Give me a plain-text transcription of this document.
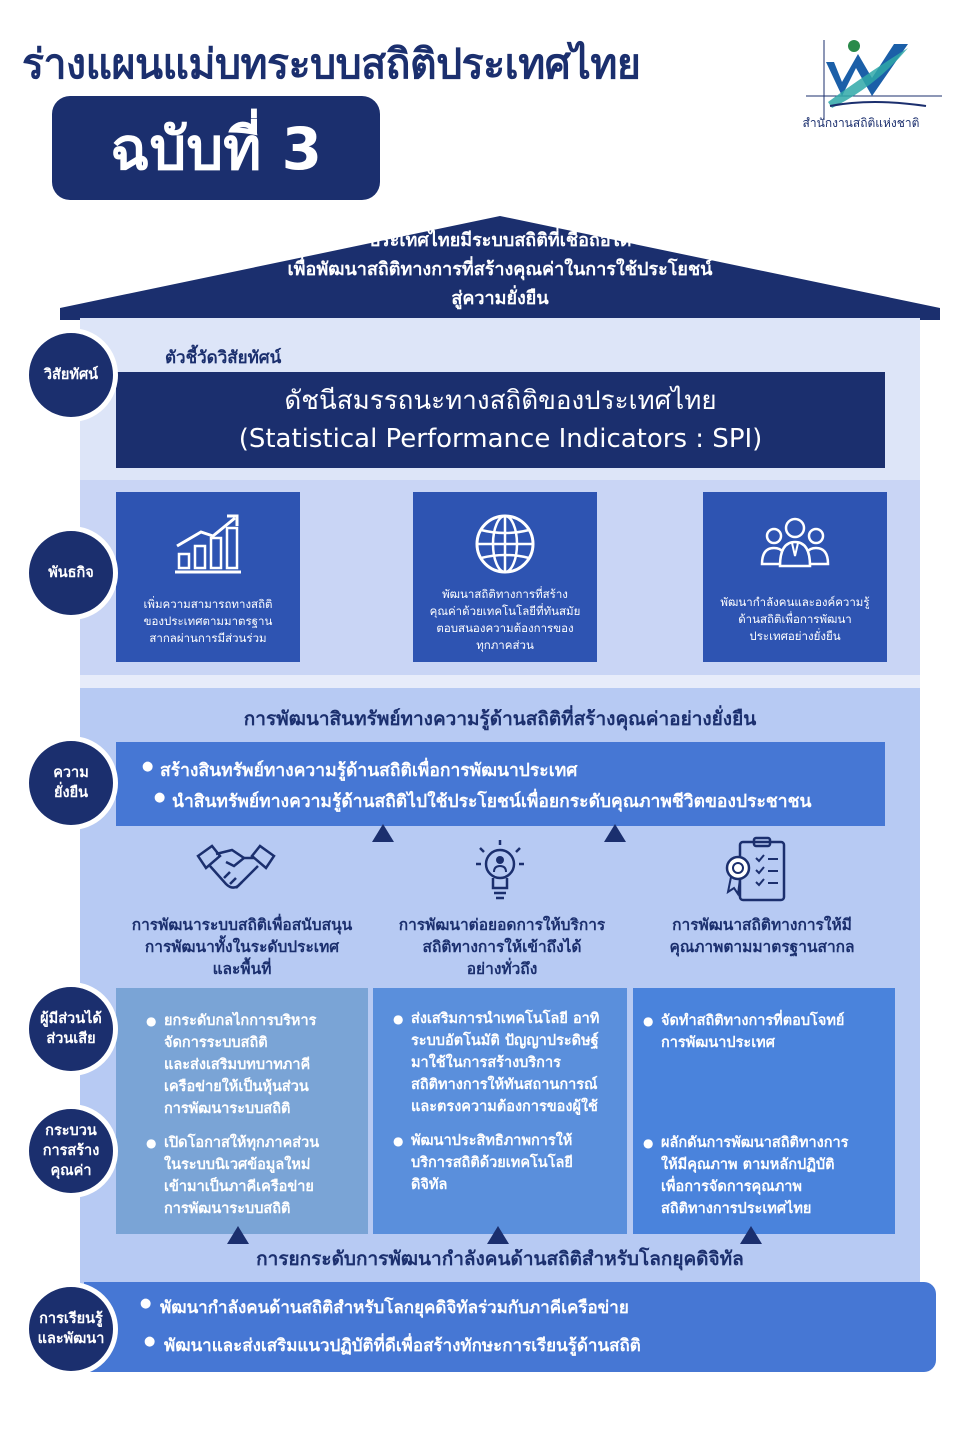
ร่างแผนแม่บทระบบสถิติประเทศไทย
ฉบับที่ 3	สำนักงานสถิติแห่งชาติ
ประเทศไทยมีระบบสถิติที่เชื่อถือได้
เพื่อพัฒนาสถิติทางการที่สร้างคุณค่าในการใช้ประโยชน์
สู่ความยั่งยืน
ตัวชี้วัดวิสัยทัศน์
ดัชนีสมรรถนะทางสถิติของประเทศไทย
(Statistical Performance Indicators : SPI)
เพิ่มความสามารถทางสถิติ
ของประเทศตามมาตรฐาน
สากลผ่านการมีส่วนร่วม
พัฒนาสถิติทางการที่สร้าง
คุณค่าด้วยเทคโนโลยีที่ทันสมัย
ตอบสนองความต้องการของ
ทุกภาคส่วน
พัฒนากำลังคนและองค์ความรู้
ด้านสถิติเพื่อการพัฒนา
ประเทศอย่างยั่งยืน
การพัฒนาสินทรัพย์ทางความรู้ด้านสถิติที่สร้างคุณค่าอย่างยั่งยืน
● สร้างสินทรัพย์ทางความรู้ด้านสถิติเพื่อการพัฒนาประเทศ
● นำสินทรัพย์ทางความรู้ด้านสถิติไปใช้ประโยชน์เพื่อยกระดับคุณภาพชีวิตของประชาชน
การพัฒนาระบบสถิติเพื่อสนับสนุน
การพัฒนาทั้งในระดับประเทศ
และพื้นที่
การพัฒนาต่อยอดการให้บริการ
สถิติทางการให้เข้าถึงได้
อย่างทั่วถึง
การพัฒนาสถิติทางการให้มี
คุณภาพตามมาตรฐานสากล
● ยกระดับกลไกการบริหาร
จัดการระบบสถิติ
และส่งเสริมบทบาทภาคี
เครือข่ายให้เป็นหุ้นส่วน
การพัฒนาระบบสถิติ
● เปิดโอกาสให้ทุกภาคส่วน
ในระบบนิเวศข้อมูลใหม่
เข้ามาเป็นภาคีเครือข่าย
การพัฒนาระบบสถิติ
● ส่งเสริมการนำเทคโนโลยี อาทิ
ระบบอัตโนมัติ ปัญญาประดิษฐ์
มาใช้ในการสร้างบริการ
สถิติทางการให้ทันสถานการณ์
และตรงความต้องการของผู้ใช้
● พัฒนาประสิทธิภาพการให้
บริการสถิติด้วยเทคโนโลยี
ดิจิทัล
● จัดทำสถิติทางการที่ตอบโจทย์
การพัฒนาประเทศ
● ผลักดันการพัฒนาสถิติทางการ
ให้มีคุณภาพ ตามหลักปฏิบัติ
เพื่อการจัดการคุณภาพ
สถิติทางการประเทศไทย
การยกระดับการพัฒนากำลังคนด้านสถิติสำหรับโลกยุคดิจิทัล
● พัฒนากำลังคนด้านสถิติสำหรับโลกยุคดิจิทัลร่วมกับภาคีเครือข่าย
● พัฒนาและส่งเสริมแนวปฏิบัติที่ดีเพื่อสร้างทักษะการเรียนรู้ด้านสถิติ
วิสัยทัศน์
พันธกิจ
ความ
ยั่งยืน
ผู้มีส่วนได้
ส่วนเสีย
กระบวน
การสร้าง
คุณค่า
การเรียนรู้
และพัฒนา
